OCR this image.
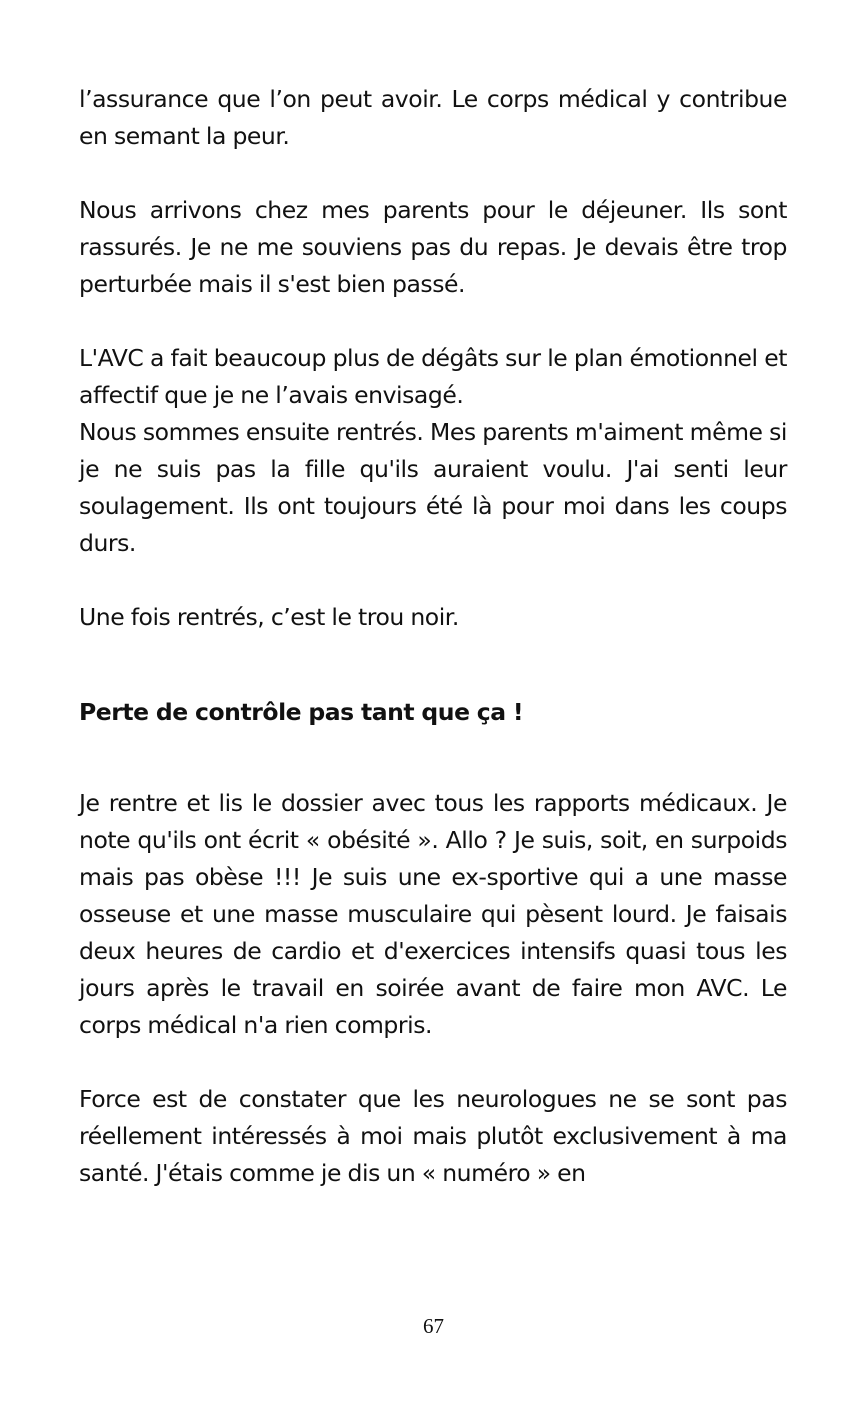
l’assurance que l’on peut avoir. Le corps médical y contribue en semant la peur.

Nous arrivons chez mes parents pour le déjeuner. Ils sont rassurés. Je ne me souviens pas du repas. Je devais être trop perturbée mais il s'est bien passé.

L'AVC a fait beaucoup plus de dégâts sur le plan émotionnel et affectif que je ne l’avais envisagé.

Nous sommes ensuite rentrés. Mes parents m'aiment même si je ne suis pas la fille qu'ils auraient voulu. J'ai senti leur soulagement. Ils ont toujours été là pour moi dans les coups durs.

Une fois rentrés, c’est le trou noir.

Perte de contrôle pas tant que ça !

Je rentre et lis le dossier avec tous les rapports médicaux. Je note qu'ils ont écrit « obésité ». Allo ? Je suis, soit, en surpoids mais pas obèse !!! Je suis une ex-sportive qui a une masse osseuse et une masse musculaire qui pèsent lourd. Je faisais deux heures de cardio et d'exercices intensifs quasi tous les jours après le travail en soirée avant de faire mon AVC. Le corps médical n'a rien compris.

Force est de constater que les neurologues ne se sont pas réellement intéressés à moi mais plutôt exclusivement à ma santé. J'étais comme je dis un « numéro » en

67
